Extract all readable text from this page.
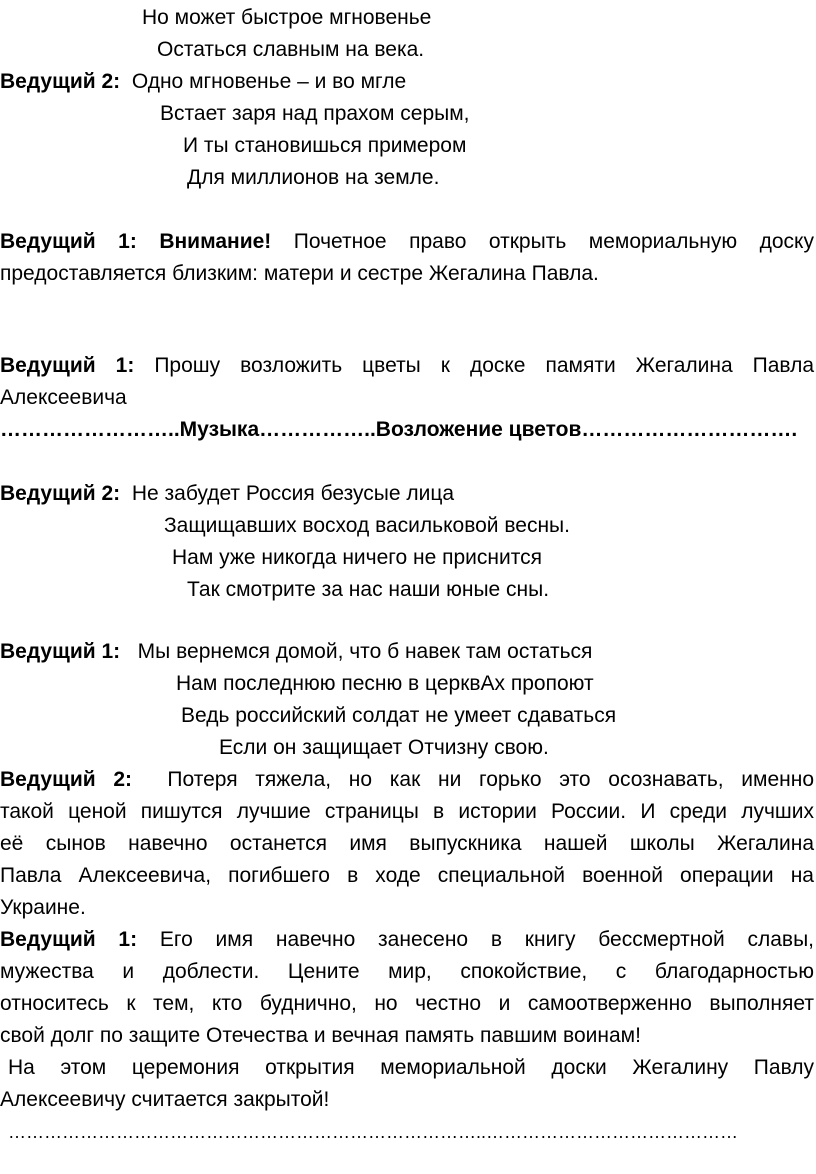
Но может быстрое мгновенье
Остаться славным на века.
Ведущий 2: Одно мгновенье – и во мгле
Встает заря над прахом серым,
И ты становишься примером
Для миллионов на земле.
Ведущий 1: Внимание! Почетное право открыть мемориальную доску
предоставляется близким: матери и сестре Жегалина Павла.
Ведущий 1: Прошу возложить цветы к доске памяти Жегалина Павла
Алексеевича
……………………..Музыка……………..Возложение цветов………………………….
Ведущий 2: Не забудет Россия безусые лица
Защищавших восход васильковой весны.
Нам уже никогда ничего не приснится
Так смотрите за нас наши юные сны.
Ведущий 1: Мы вернемся домой, что б навек там остаться
Нам последнюю песню в церквАх пропоют
Ведь российский солдат не умеет сдаваться
Если он защищает Отчизну свою.
Ведущий 2: Потеря тяжела, но как ни горько это осознавать, именно
такой ценой пишутся лучшие страницы в истории России. И среди лучших
её сынов навечно останется имя выпускника нашей школы Жегалина
Павла Алексеевича, погибшего в ходе специальной военной операции на
Украине.
Ведущий 1: Его имя навечно занесено в книгу бессмертной славы,
мужества и доблести. Цените мир, спокойствие, с благодарностью
относитесь к тем, кто буднично, но честно и самоотверженно выполняет
свой долг по защите Отечества и вечная память павшим воинам!
На этом церемония открытия мемориальной доски Жегалину Павлу
Алексеевичу считается закрытой!
……………………………………………………………………..……………………………………
